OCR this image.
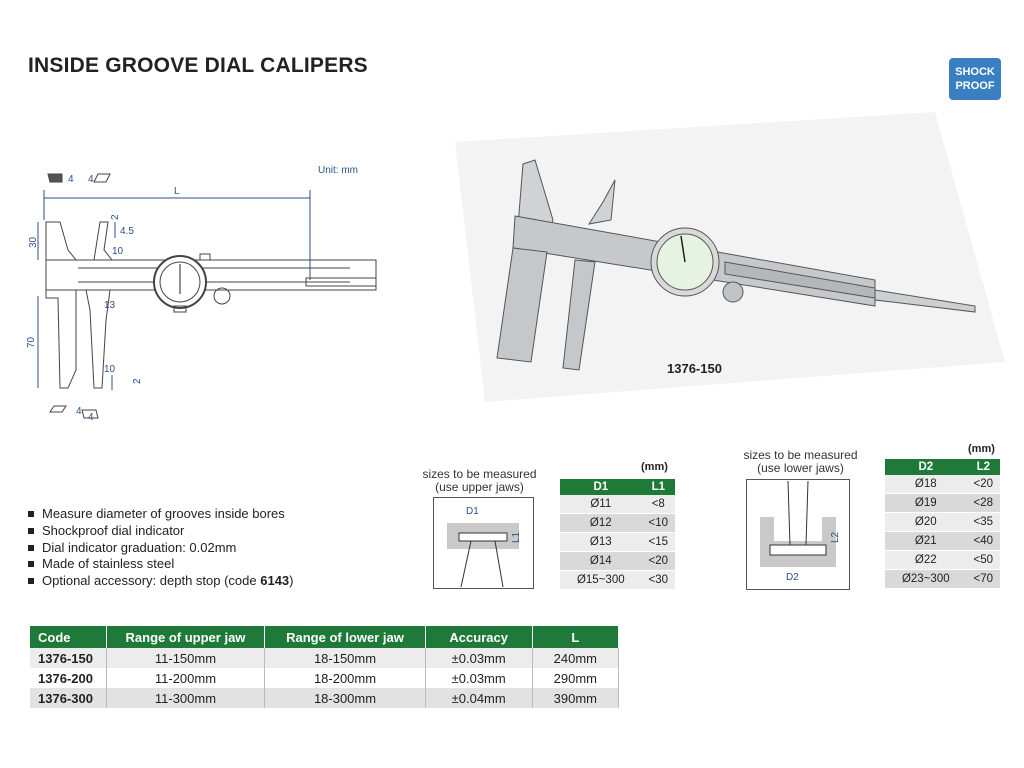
INSIDE GROOVE DIAL CALIPERS	SHOCK
PROOF
Unit: mm
L
30
70
2
4.5
10
13
10
2
4 4
4
4
1376-150
Measure diameter of grooves inside bores
Shockproof dial indicator
Dial indicator graduation: 0.02mm
Made of stainless steel
Optional accessory: depth stop (code 6143)
sizes to be measured
(use upper jaws)
D1
L1
(mm)
D1	L1
Ø11	<8
Ø12	<10
Ø13	<15
Ø14	<20
Ø15~300	<30
sizes to be measured
(use lower jaws)
D2
L2
(mm)
D2	L2
Ø18	<20
Ø19	<28
Ø20	<35
Ø21	<40
Ø22	<50
Ø23~300	<70
Code	Range of upper jaw	Range of lower jaw	Accuracy	L
1376-150	11-150mm	18-150mm	±0.03mm	240mm
1376-200	11-200mm	18-200mm	±0.03mm	290mm
1376-300	11-300mm	18-300mm	±0.04mm	390mm
